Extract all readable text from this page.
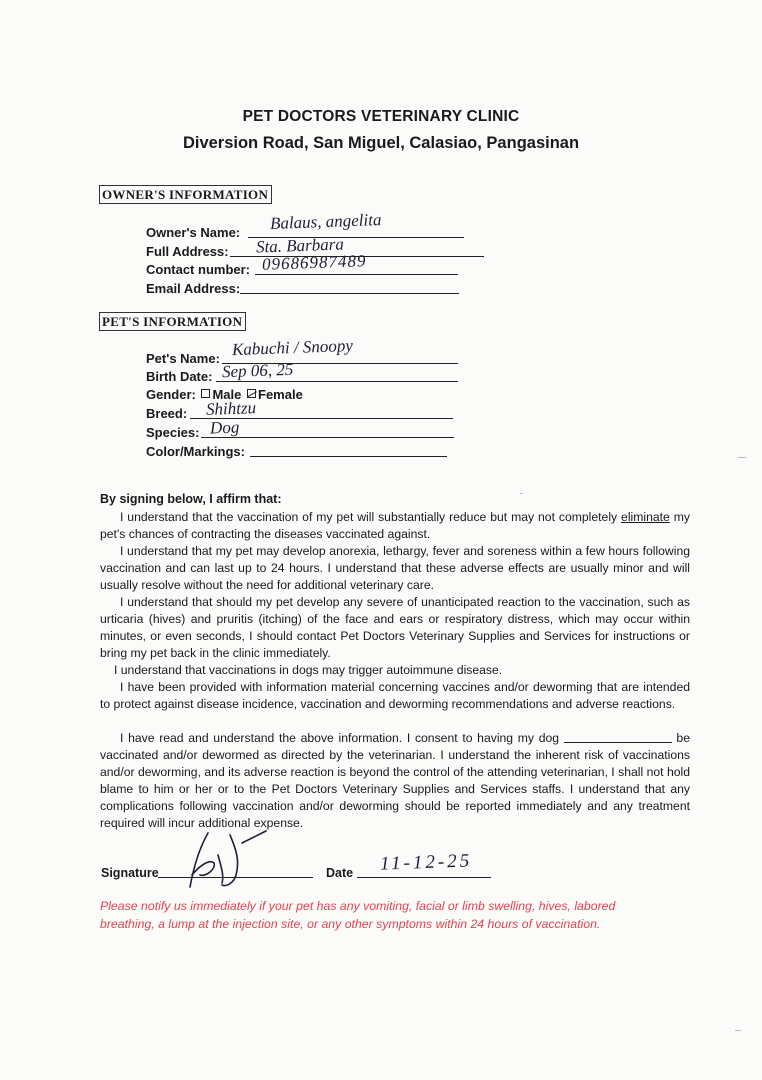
PET DOCTORS VETERINARY CLINIC
Diversion Road, San Miguel, Calasiao, Pangasinan
OWNER'S INFORMATION
Owner's Name: Balaus, angelita
Full Address: Sta. Barbara
Contact number: 09686987489
Email Address:
PET'S INFORMATION
Pet's Name: Kabuchi / Snoopy
Birth Date: Sep 06, 25
Gender: Male Female
Breed: Shihtzu
Species: Dog
Color/Markings:
By signing below, I affirm that:
I understand that the vaccination of my pet will substantially reduce but may not completely eliminate my pet's chances of contracting the diseases vaccinated against.
I understand that my pet may develop anorexia, lethargy, fever and soreness within a few hours following vaccination and can last up to 24 hours. I understand that these adverse effects are usually minor and will usually resolve without the need for additional veterinary care.
I understand that should my pet develop any severe of unanticipated reaction to the vaccination, such as urticaria (hives) and pruritis (itching) of the face and ears or respiratory distress, which may occur within minutes, or even seconds, I should contact Pet Doctors Veterinary Supplies and Services for instructions or bring my pet back in the clinic immediately.
I understand that vaccinations in dogs may trigger autoimmune disease.
I have been provided with information material concerning vaccines and/or deworming that are intended to protect against disease incidence, vaccination and deworming recommendations and adverse reactions.
I have read and understand the above information. I consent to having my dog	be vaccinated and/or dewormed as directed by the veterinarian. I understand the inherent risk of vaccinations and/or deworming, and its adverse reaction is beyond the control of the attending veterinarian, I shall not hold blame to him or her or to the Pet Doctors Veterinary Supplies and Services staffs. I understand that any complications following vaccination and/or deworming should be reported immediately and any treatment required will incur additional expense.
Signature	Date 11-12-25
Please notify us immediately if your pet has any vomiting, facial or limb swelling, hives, labored breathing, a lump at the injection site, or any other symptoms within 24 hours of vaccination.
